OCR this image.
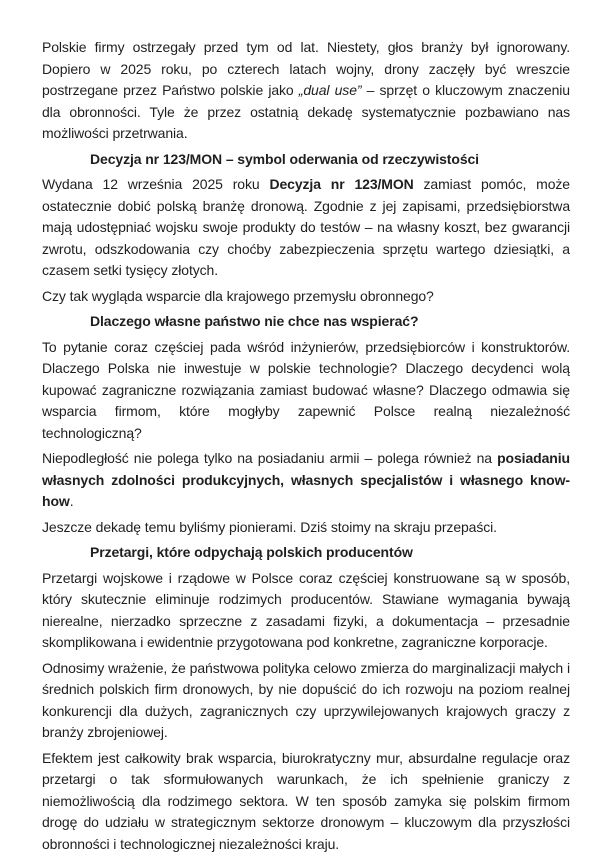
Polskie firmy ostrzegały przed tym od lat. Niestety, głos branży był ignorowany. Dopiero w 2025 roku, po czterech latach wojny, drony zaczęły być wreszcie postrzegane przez Państwo polskie jako „dual use” – sprzęt o kluczowym znaczeniu dla obronności. Tyle że przez ostatnią dekadę systematycznie pozbawiano nas możliwości przetrwania.

Decyzja nr 123/MON – symbol oderwania od rzeczywistości

Wydana 12 września 2025 roku Decyzja nr 123/MON zamiast pomóc, może ostatecznie dobić polską branżę dronową. Zgodnie z jej zapisami, przedsiębiorstwa mają udostępniać wojsku swoje produkty do testów – na własny koszt, bez gwarancji zwrotu, odszkodowania czy choćby zabezpieczenia sprzętu wartego dziesiątki, a czasem setki tysięcy złotych.

Czy tak wygląda wsparcie dla krajowego przemysłu obronnego?

Dlaczego własne państwo nie chce nas wspierać?

To pytanie coraz częściej pada wśród inżynierów, przedsiębiorców i konstruktorów. Dlaczego Polska nie inwestuje w polskie technologie? Dlaczego decydenci wolą kupować zagraniczne rozwiązania zamiast budować własne? Dlaczego odmawia się wsparcia firmom, które mogłyby zapewnić Polsce realną niezależność technologiczną?

Niepodległość nie polega tylko na posiadaniu armii – polega również na posiadaniu własnych zdolności produkcyjnych, własnych specjalistów i własnego know-how.

Jeszcze dekadę temu byliśmy pionierami. Dziś stoimy na skraju przepaści.

Przetargi, które odpychają polskich producentów

Przetargi wojskowe i rządowe w Polsce coraz częściej konstruowane są w sposób, który skutecznie eliminuje rodzimych producentów. Stawiane wymagania bywają nierealne, nierzadko sprzeczne z zasadami fizyki, a dokumentacja – przesadnie skomplikowana i ewidentnie przygotowana pod konkretne, zagraniczne korporacje.

Odnosimy wrażenie, że państwowa polityka celowo zmierza do marginalizacji małych i średnich polskich firm dronowych, by nie dopuścić do ich rozwoju na poziom realnej konkurencji dla dużych, zagranicznych czy uprzywilejowanych krajowych graczy z branży zbrojeniowej.

Efektem jest całkowity brak wsparcia, biurokratyczny mur, absurdalne regulacje oraz przetargi o tak sformułowanych warunkach, że ich spełnienie graniczy z niemożliwością dla rodzimego sektora. W ten sposób zamyka się polskim firmom drogę do udziału w strategicznym sektorze dronowym – kluczowym dla przyszłości obronności i technologicznej niezależności kraju.
